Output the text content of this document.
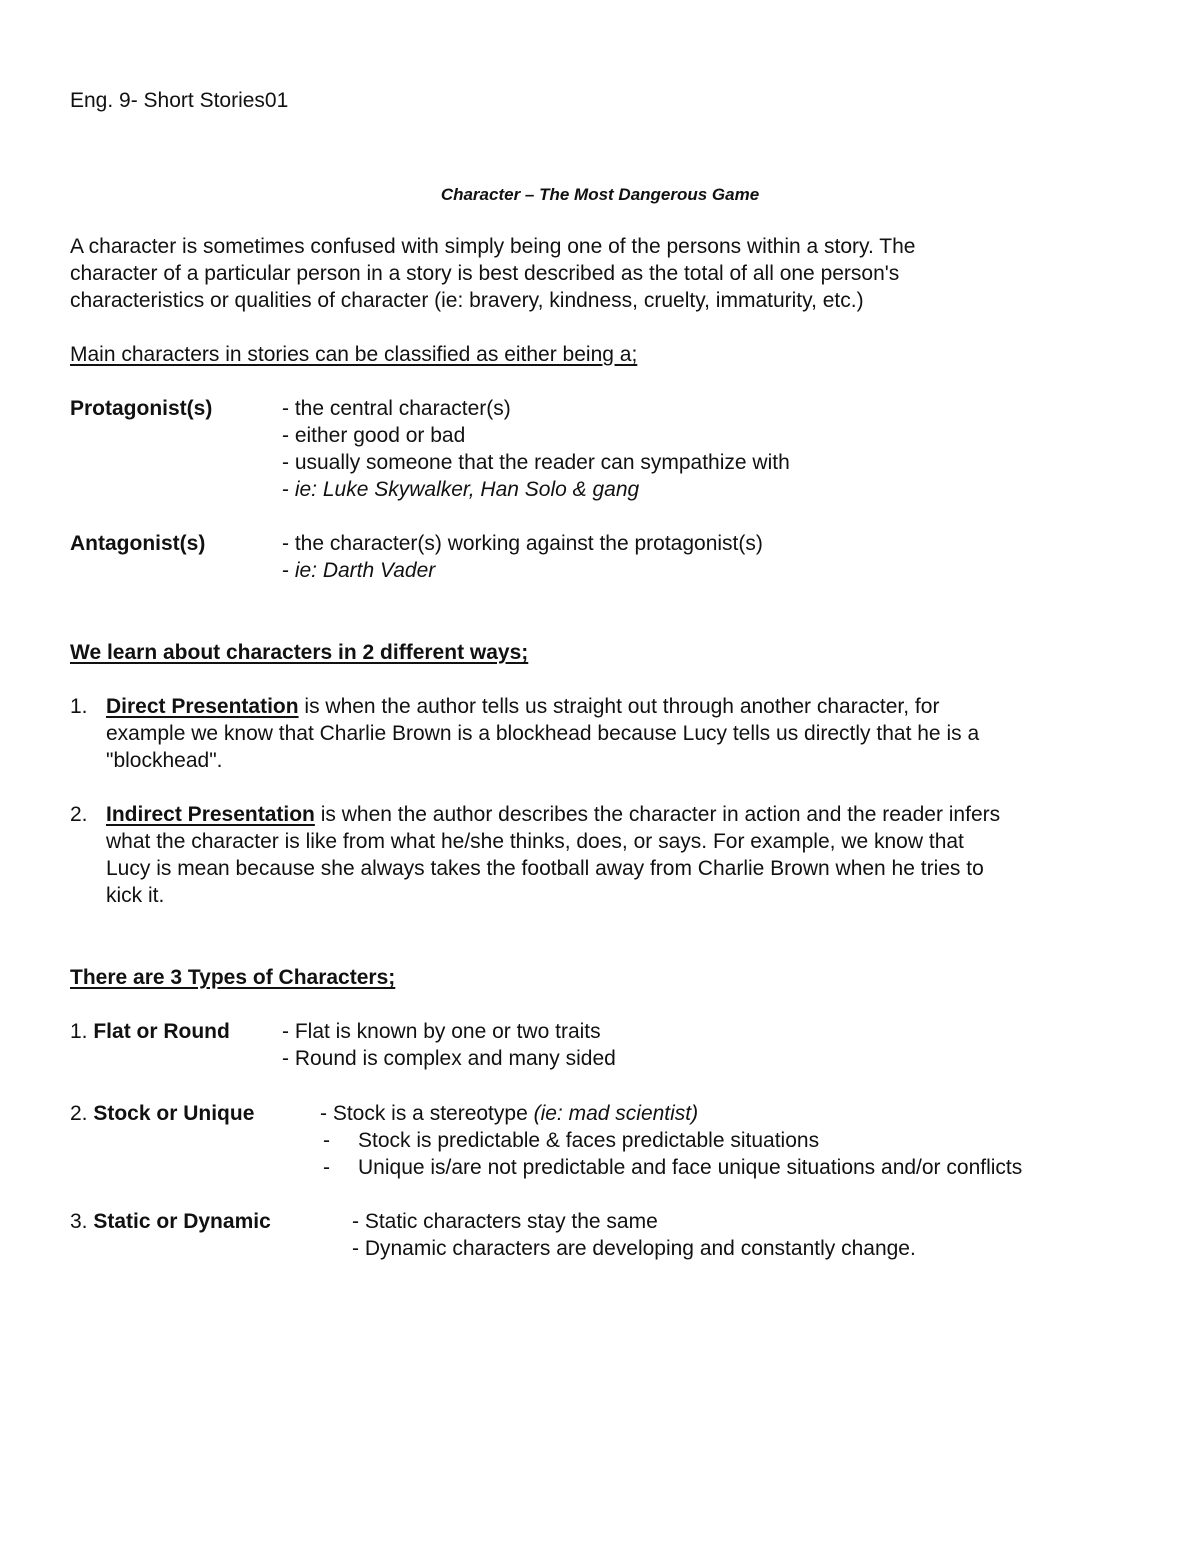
Eng. 9- Short Stories01
Character – The Most Dangerous Game
A character is sometimes confused with simply being one of the persons within a story. The
character of a particular person in a story is best described as the total of all one person's
characteristics or qualities of character (ie: bravery, kindness, cruelty, immaturity, etc.)
Main characters in stories can be classified as either being a;
Protagonist(s)	- the central character(s)
- either good or bad
- usually someone that the reader can sympathize with
- ie: Luke Skywalker, Han Solo & gang
Antagonist(s)	- the character(s) working against the protagonist(s)
- ie: Darth Vader
We learn about characters in 2 different ways;
1. Direct Presentation is when the author tells us straight out through another character, for
example we know that Charlie Brown is a blockhead because Lucy tells us directly that he is a
"blockhead".
2. Indirect Presentation is when the author describes the character in action and the reader infers
what the character is like from what he/she thinks, does, or says. For example, we know that
Lucy is mean because she always takes the football away from Charlie Brown when he tries to
kick it.
There are 3 Types of Characters;
1. Flat or Round - Flat is known by one or two traits
- Round is complex and many sided
2. Stock or Unique	- Stock is a stereotype (ie: mad scientist)
- Stock is predictable & faces predictable situations
- Unique is/are not predictable and face unique situations and/or conflicts
3. Static or Dynamic	- Static characters stay the same
- Dynamic characters are developing and constantly change.
